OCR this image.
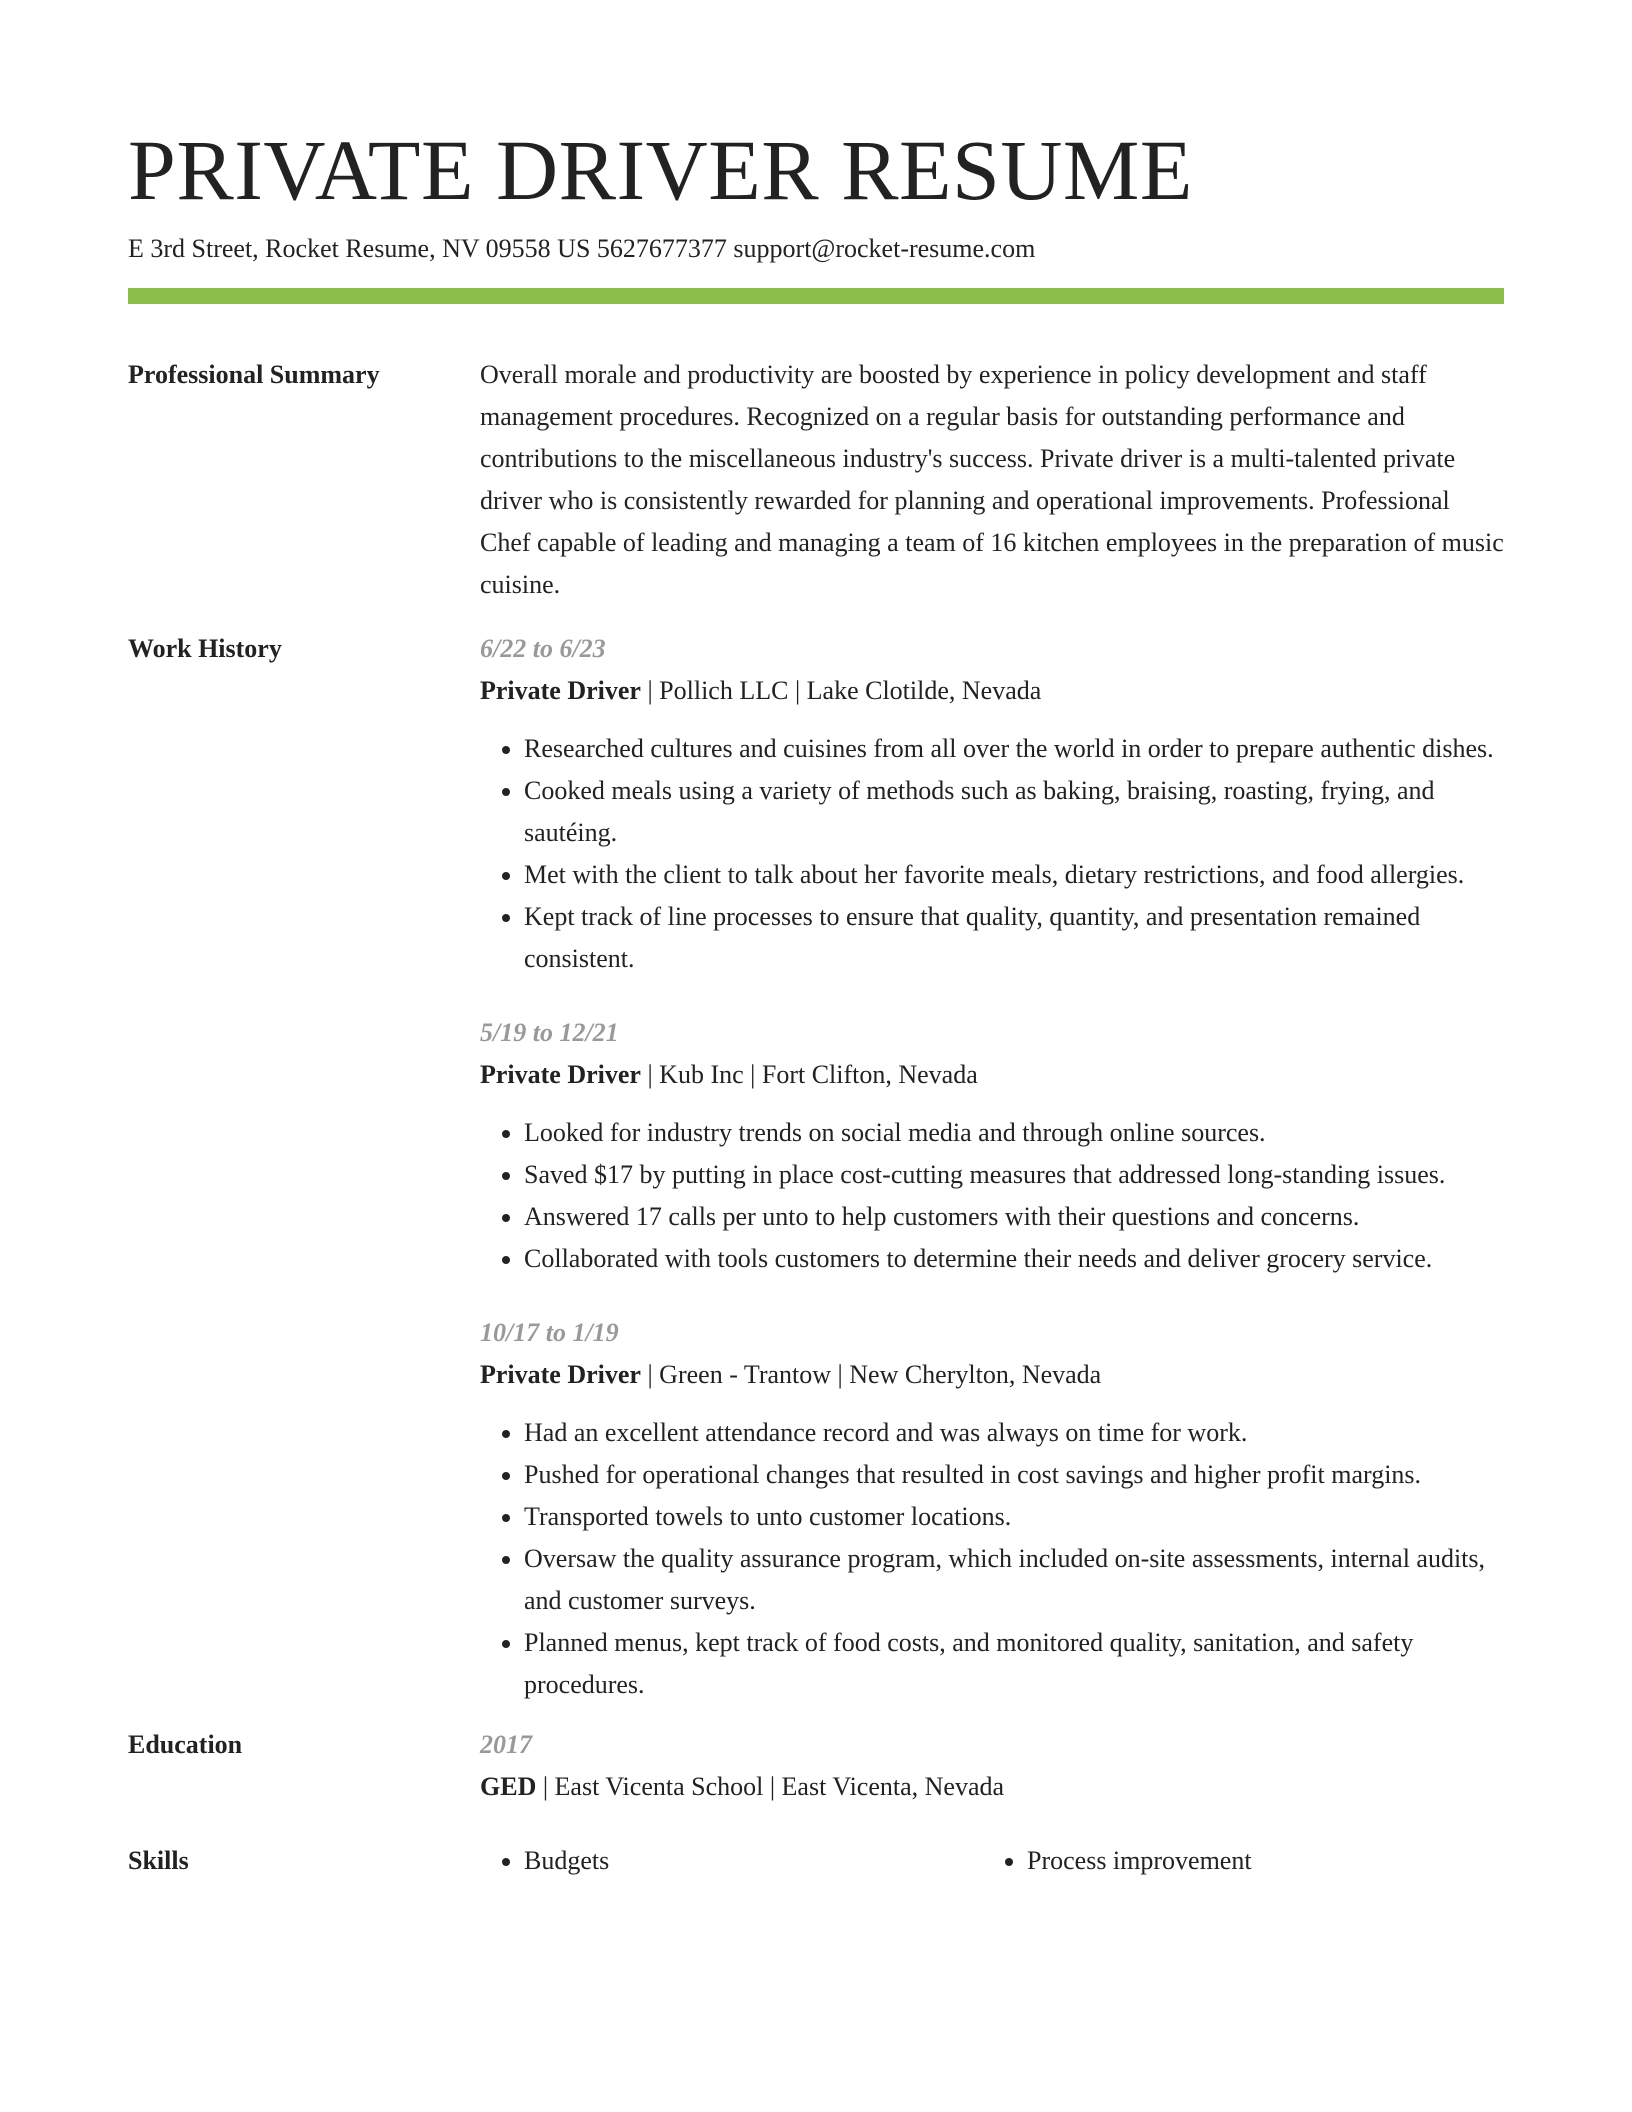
PRIVATE DRIVER RESUME
E 3rd Street, Rocket Resume, NV 09558 US 5627677377 support@rocket-resume.com
Professional Summary	Overall morale and productivity are boosted by experience in policy development and staff management procedures. Recognized on a regular basis for outstanding performance and contributions to the miscellaneous industry's success. Private driver is a multi-talented private driver who is consistently rewarded for planning and operational improvements. Professional Chef capable of leading and managing a team of 16 kitchen employees in the preparation of music cuisine.
Work History	6/22 to 6/23
Private Driver | Pollich LLC | Lake Clotilde, Nevada
• Researched cultures and cuisines from all over the world in order to prepare authentic dishes.
• Cooked meals using a variety of methods such as baking, braising, roasting, frying, and sautéing.
• Met with the client to talk about her favorite meals, dietary restrictions, and food allergies.
• Kept track of line processes to ensure that quality, quantity, and presentation remained consistent.
5/19 to 12/21
Private Driver | Kub Inc | Fort Clifton, Nevada
• Looked for industry trends on social media and through online sources.
• Saved $17 by putting in place cost-cutting measures that addressed long-standing issues.
• Answered 17 calls per unto to help customers with their questions and concerns.
• Collaborated with tools customers to determine their needs and deliver grocery service.
10/17 to 1/19
Private Driver | Green - Trantow | New Cherylton, Nevada
• Had an excellent attendance record and was always on time for work.
• Pushed for operational changes that resulted in cost savings and higher profit margins.
• Transported towels to unto customer locations.
• Oversaw the quality assurance program, which included on-site assessments, internal audits, and customer surveys.
• Planned menus, kept track of food costs, and monitored quality, sanitation, and safety procedures.
Education	2017
GED | East Vicenta School | East Vicenta, Nevada
Skills	• Budgets	• Process improvement
